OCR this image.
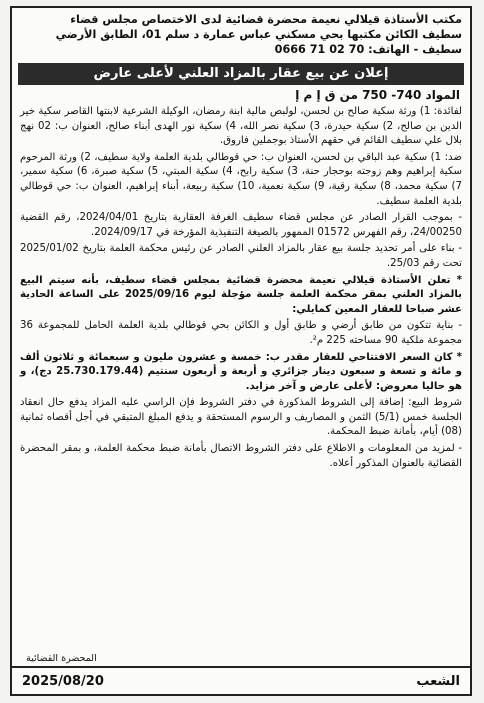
مكتب الأستاذة قيلالي نعيمة محضرة قضائية لدى الاختصاص مجلس قضاء
سطيف الكائن مكتبها بحي مسكني عباس عمارة د سلم 01، الطابق الأرضي
سطيف - الهاتف: 70 02 71 0666
إعلان عن بيع عقار بالمزاد العلني لأعلى عارض
المواد 740- 750 من ق إ م إ

لفائدة: 1) ورثة سكية صالح بن لحسن، لولبص مالية ابنة رمضان، الوكيلة الشرعية لابنتها القاصر سكية خير الدين بن صالح، 2) سكية حيدرة، 3) سكية نصر الله، 4) سكية نور الهدى أبناء صالح، العنوان ب: 02 نهج بلال علي سطيف القائم في حقهم الأستاذ بوجملين فاروق.

ضد: 1) سكية عبد الباقي بن لحسن، العنوان ب: حي قوطالي بلدية العلمة ولاية سطيف، 2) ورثة المرحوم سكية إبراهيم وهم زوجته بوحجار حنة، 3) سكية رابح، 4) سكية المبتي، 5) سكية صبرة، 6) سكية سمير، 7) سكية محمد، 8) سكية رقية، 9) سكية نعمية، 10) سكية ربيعة، أبناء إبراهيم، العنوان ب: حي قوطالي بلدية العلمة سطيف.

- بموجب القرار الصادر عن مجلس قضاء سطيف الغرفة العقارية بتاريخ 2024/04/01، رقم القضية 24/00250، رقم الفهرس 01572 الممهور بالصيغة التنفيذية المؤرخة في 2024/09/17.

- بناء على أمر تحديد جلسة بيع عقار بالمزاد العلني الصادر عن رئيس محكمة العلمة بتاريخ 2025/01/02 تحت رقم 25/03.

* تعلن الأستاذة قيلالي نعيمة محضرة قضائية بمجلس قضاء سطيف، بأنه سيتم البيع بالمزاد العلني بمقر محكمة العلمة جلسة مؤجلة ليوم 2025/09/16 على الساعة الحادية عشر صباحا للعقار المعين كمايلي:

- بناية تتكون من طابق أرضي و طابق أول و الكائن بحي قوطالي بلدية العلمة الحامل للمجموعة 36 مجموعة ملكية 90 مساحته 225 م².

* كان السعر الافتتاحي للعقار مقدر ب: خمسة و عشرون مليون و سبعمائة و ثلاثون ألف و مائة و تسعة و سبعون دينار جزائري و أربعة و أربعون سنتيم (25.730.179.44 دج)، و هو حاليا معروض: لأعلى عارض و آخر مزايد.

شروط البيع: إضافة إلى الشروط المذكورة في دفتر الشروط فإن الراسي عليه المزاد يدفع حال انعقاد الجلسة خمس (5/1) الثمن و المصاريف و الرسوم المستحقة و يدفع المبلغ المتبقي في أجل أقصاه ثمانية (08) أيام، بأمانة ضبط المحكمة.

- لمزيد من المعلومات و الاطلاع على دفتر الشروط الاتصال بأمانة ضبط محكمة العلمة، و بمقر المحضرة القضائية بالعنوان المذكور أعلاه.

المحضرة القضائية
الشعب
2025/08/20
